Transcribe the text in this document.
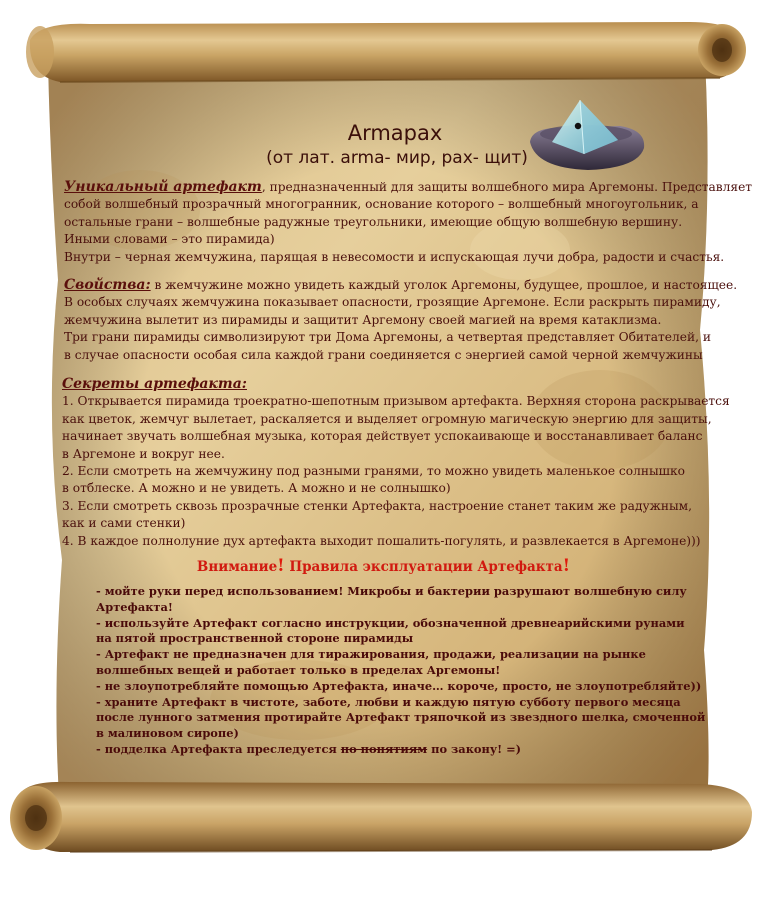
Armapax
(от лат. arma- мир, pax- щит)
Уникальный артефакт, предназначенный для защиты волшебного мира Аргемоны. Представляет
собой волшебный прозрачный многогранник, основание которого – волшебный многоугольник, а
остальные грани – волшебные радужные треугольники, имеющие общую волшебную вершину.
Иными словами – это пирамида)
Внутри – черная жемчужина, парящая в невесомости и испускающая лучи добра, радости и счастья.
Свойства: в жемчужине можно увидеть каждый уголок Аргемоны, будущее, прошлое, и настоящее.
В особых случаях жемчужина показывает опасности, грозящие Аргемоне. Если раскрыть пирамиду,
жемчужина вылетит из пирамиды и защитит Аргемону своей магией на время катаклизма.
Три грани пирамиды символизируют три Дома Аргемоны, а четвертая представляет Обитателей, и
в случае опасности особая сила каждой грани соединяется с энергией самой черной жемчужины
Секреты артефакта:
1. Открывается пирамида троекратно-шепотным призывом артефакта. Верхняя сторона раскрывается
как цветок, жемчуг вылетает, раскаляется и выделяет огромную магическую энергию для защиты,
начинает звучать волшебная музыка, которая действует успокаивающе и восстанавливает баланс
в Аргемоне и вокруг нее.
2. Если смотреть на жемчужину под разными гранями, то можно увидеть маленькое солнышко
в отблеске. А можно и не увидеть. А можно и не солнышко)
3. Если смотреть сквозь прозрачные стенки Артефакта, настроение станет таким же радужным,
как и сами стенки)
4. В каждое полнолуние дух артефакта выходит пошалить-погулять, и развлекается в Аргемоне)))
Внимание! Правила эксплуатации Артефакта!
- мойте руки перед использованием! Микробы и бактерии разрушают волшебную силу
Артефакта!
- используйте Артефакт согласно инструкции, обозначенной древнеарийскими рунами
на пятой пространственной стороне пирамиды
- Артефакт не предназначен для тиражирования, продажи, реализации на рынке
волшебных вещей и работает только в пределах Аргемоны!
- не злоупотребляйте помощью Артефакта, иначе… короче, просто, не злоупотребляйте))
- храните Артефакт в чистоте, заботе, любви и каждую пятую субботу первого месяца
после лунного затмения протирайте Артефакт тряпочкой из звездного шелка, смоченной
в малиновом сиропе)
- подделка Артефакта преследуется по понятиям по закону! =)
